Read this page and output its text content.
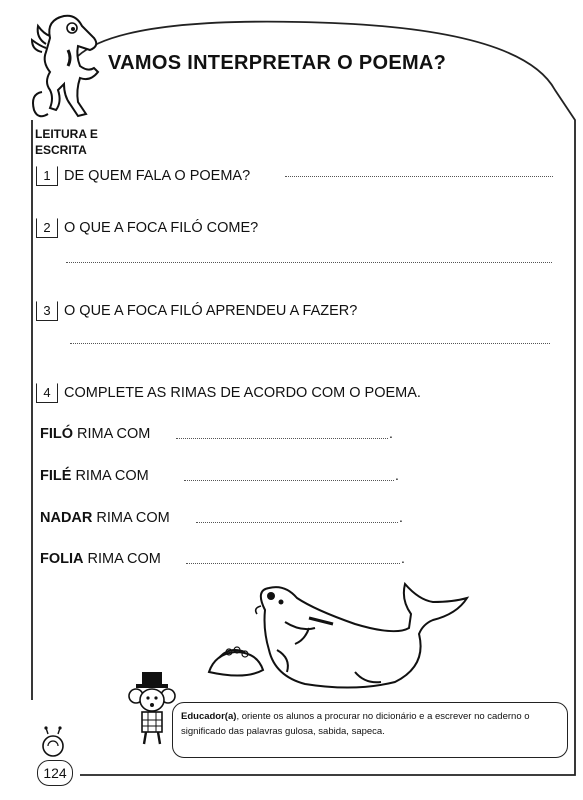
VAMOS INTERPRETAR O POEMA?
LEITURA E ESCRITA
1 DE QUEM FALA O POEMA?
2 O QUE A FOCA FILÓ COME?
3 O QUE A FOCA FILÓ APRENDEU A FAZER?
4 COMPLETE AS RIMAS DE ACORDO COM O POEMA.
FILÓ RIMA COM	.
FILÉ RIMA COM	.
NADAR RIMA COM	.
FOLIA RIMA COM	.
Educador(a), oriente os alunos a procurar no dicionário e a escrever no caderno o significado das palavras gulosa, sabida, sapeca.
124
